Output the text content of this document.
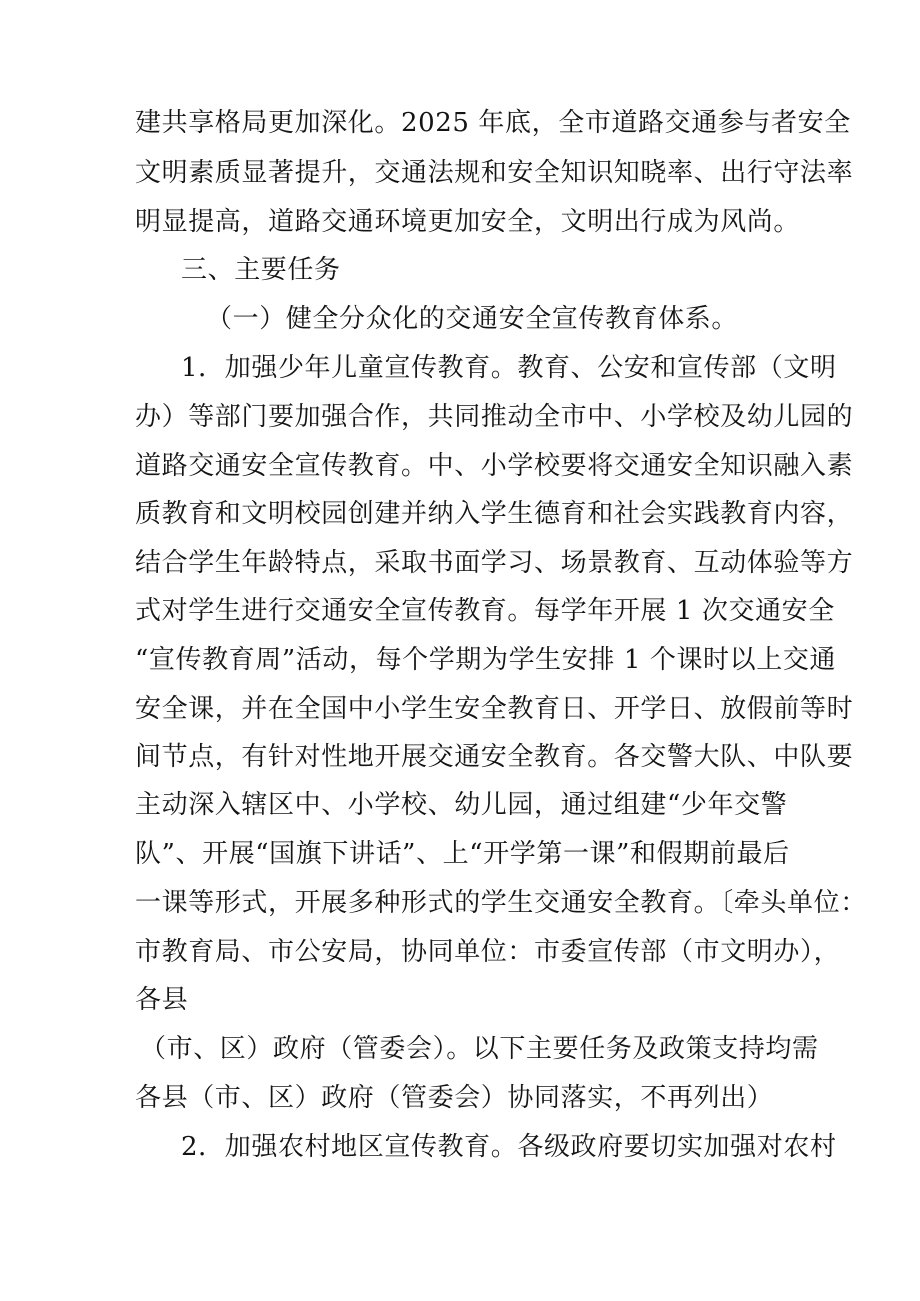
建共享格局更加深化。2025 年底，全市道路交通参与者安全
文明素质显著提升，交通法规和安全知识知晓率、出行守法率
明显提高，道路交通环境更加安全，文明出行成为风尚。
三、主要任务
（一）健全分众化的交通安全宣传教育体系。
1．加强少年儿童宣传教育。教育、公安和宣传部（文明
办）等部门要加强合作，共同推动全市中、小学校及幼儿园的
道路交通安全宣传教育。中、小学校要将交通安全知识融入素
质教育和文明校园创建并纳入学生德育和社会实践教育内容，
结合学生年龄特点，采取书面学习、场景教育、互动体验等方
式对学生进行交通安全宣传教育。每学年开展 1 次交通安全
“宣传教育周”活动，每个学期为学生安排 1 个课时以上交通
安全课，并在全国中小学生安全教育日、开学日、放假前等时
间节点，有针对性地开展交通安全教育。各交警大队、中队要
主动深入辖区中、小学校、幼儿园，通过组建“少年交警
队”、开展“国旗下讲话”、上“开学第一课”和假期前最后
一课等形式，开展多种形式的学生交通安全教育。〔牵头单位：
市教育局、市公安局，协同单位：市委宣传部（市文明办），
各县
（市、区）政府（管委会）。以下主要任务及政策支持均需
各县（市、区）政府（管委会）协同落实，不再列出）
2．加强农村地区宣传教育。各级政府要切实加强对农村
